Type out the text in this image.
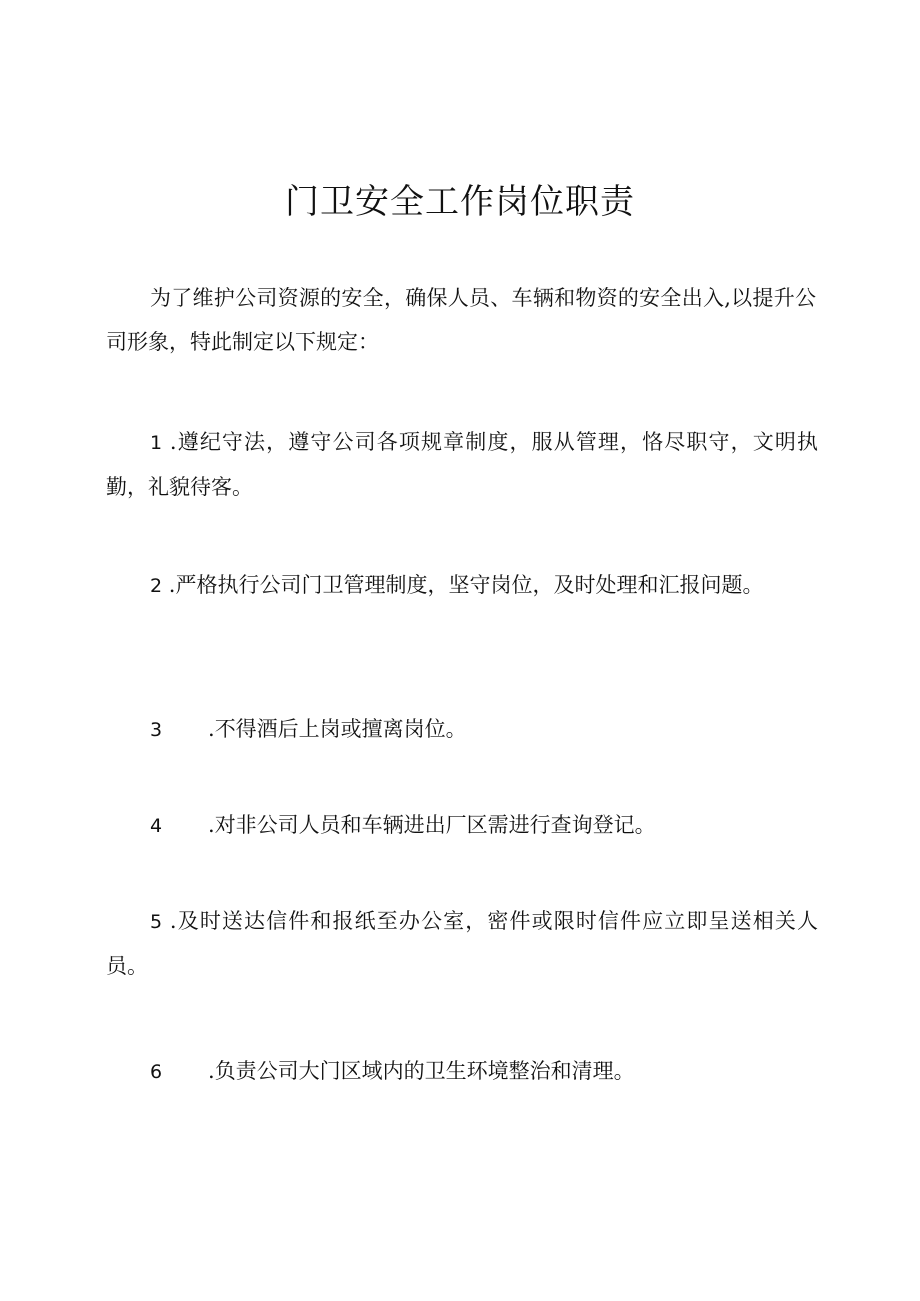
门卫安全工作岗位职责

为了维护公司资源的安全，确保人员、车辆和物资的安全出入,以提升公司形象，特此制定以下规定：

1 .遵纪守法，遵守公司各项规章制度，服从管理，恪尽职守，文明执勤，礼貌待客。

2 .严格执行公司门卫管理制度，坚守岗位，及时处理和汇报问题。

3 .不得酒后上岗或擅离岗位。

4 .对非公司人员和车辆进出厂区需进行查询登记。

5 .及时送达信件和报纸至办公室，密件或限时信件应立即呈送相关人员。

6 .负责公司大门区域内的卫生环境整治和清理。
